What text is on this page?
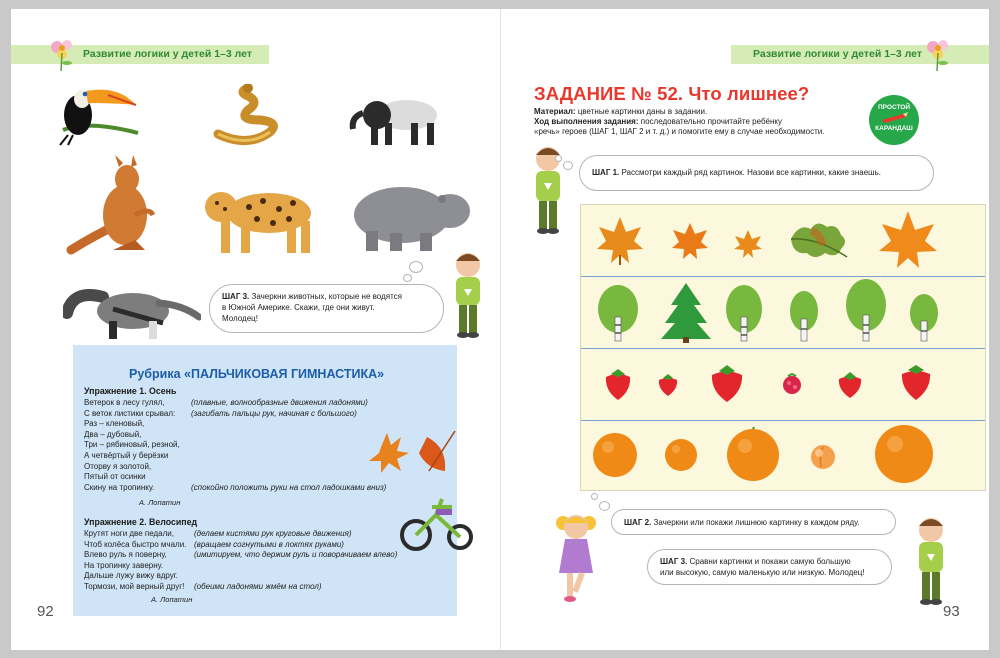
Развитие логики у детей 1–3 лет	Развитие логики у детей 1–3 лет
ШАГ 3. Зачеркни животных, которые не водятся
в Южной Америке. Скажи, где они живут.
Молодец!
Рубрика «ПАЛЬЧИКОВАЯ ГИМНАСТИКА»
Упражнение 1. Осень
Ветерок в лесу гулял,	(плавные, волнообразные движения ладонями)
С веток листики срывал: (загибать пальцы рук, начиная с большого)
Раз – кленовый,
Два – дубовый,
Три – рябиновый, резной,
А четвёртый у берёзки
Оторву я золотой,
Пятый от осинки
Скину на тропинку.	(спокойно положить руки на стол ладошками вниз)
А. Лопатин
Упражнение 2. Велосипед
Крутят ноги две педали,	(делаем кистями рук круговые движения)
Чтоб колёса быстро мчали. (вращаем согнутыми в локтях руками)
Влево руль я поверну,	(имитируем, что держим руль и поворачиваем влево)
На тропинку заверну.
Дальше лужу вижу вдруг.
Тормози, мой верный друг! (обеими ладонями жмём на стол)
А. Лопатин
92
ЗАДАНИЕ № 52. Что лишнее?
Материал: цветные картинки даны в задании.
Ход выполнения задания: последовательно прочитайте ребёнку
«речь» героев (ШАГ 1, ШАГ 2 и т. д.) и помогите ему в случае необходимости.
ПРОСТОЙ
КАРАНДАШ
ШАГ 1. Рассмотри каждый ряд картинок. Назови все картинки, какие знаешь.
ШАГ 2. Зачеркни или покажи лишнюю картинку в каждом ряду.
ШАГ 3. Сравни картинки и покажи самую большую
или высокую, самую маленькую или низкую. Молодец!
93
